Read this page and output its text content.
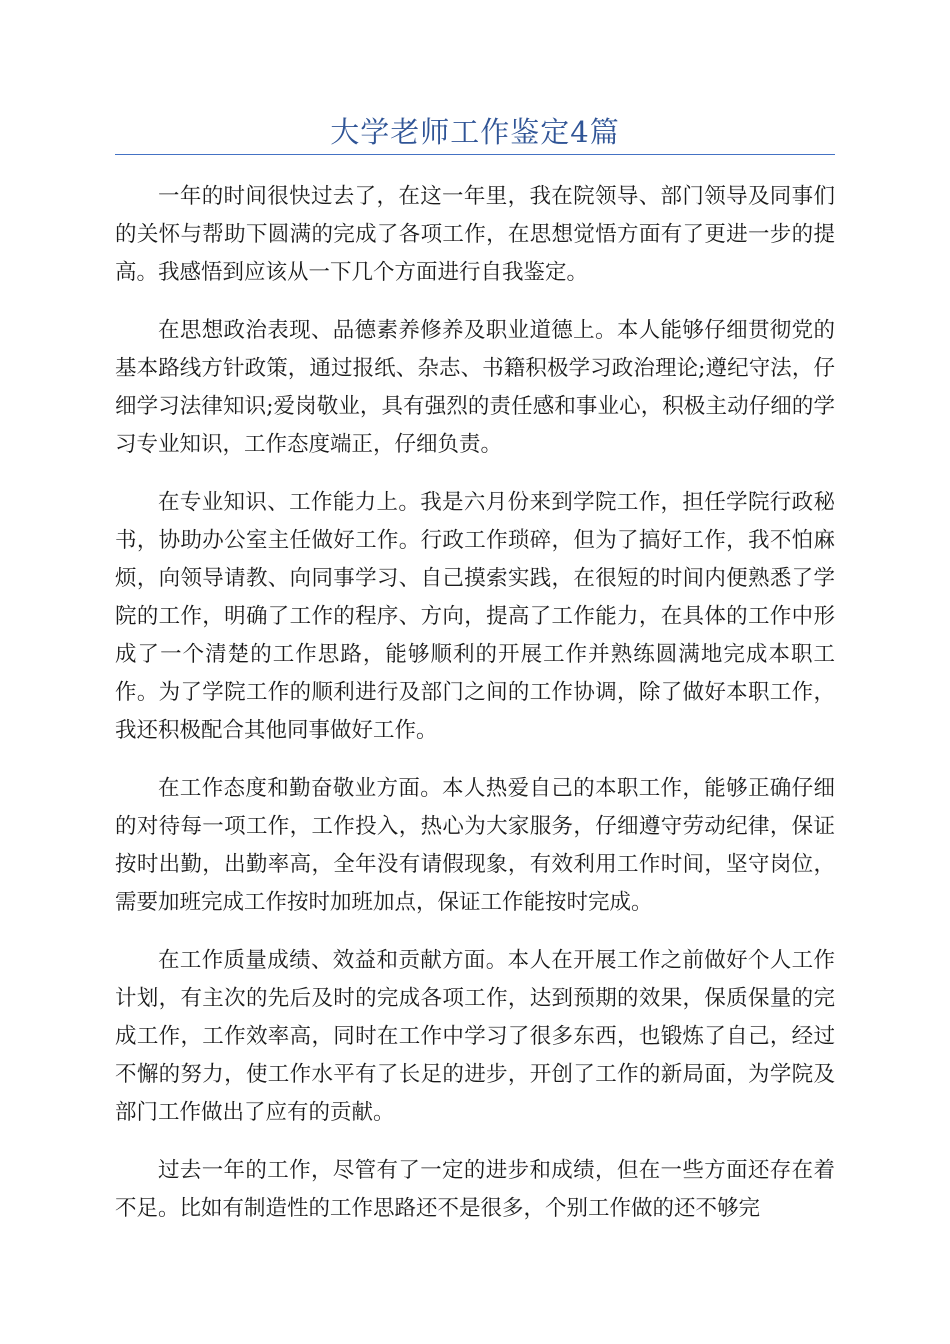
大学老师工作鉴定4篇

一年的时间很快过去了，在这一年里，我在院领导、部门领导及同事们的关怀与帮助下圆满的完成了各项工作，在思想觉悟方面有了更进一步的提高。我感悟到应该从一下几个方面进行自我鉴定。

在思想政治表现、品德素养修养及职业道德上。本人能够仔细贯彻党的基本路线方针政策，通过报纸、杂志、书籍积极学习政治理论;遵纪守法，仔细学习法律知识;爱岗敬业，具有强烈的责任感和事业心，积极主动仔细的学习专业知识，工作态度端正，仔细负责。

在专业知识、工作能力上。我是六月份来到学院工作，担任学院行政秘书，协助办公室主任做好工作。行政工作琐碎，但为了搞好工作，我不怕麻烦，向领导请教、向同事学习、自己摸索实践，在很短的时间内便熟悉了学院的工作，明确了工作的程序、方向，提高了工作能力，在具体的工作中形成了一个清楚的工作思路，能够顺利的开展工作并熟练圆满地完成本职工作。为了学院工作的顺利进行及部门之间的工作协调，除了做好本职工作，我还积极配合其他同事做好工作。

在工作态度和勤奋敬业方面。本人热爱自己的本职工作，能够正确仔细的对待每一项工作，工作投入，热心为大家服务，仔细遵守劳动纪律，保证按时出勤，出勤率高，全年没有请假现象，有效利用工作时间，坚守岗位，需要加班完成工作按时加班加点，保证工作能按时完成。

在工作质量成绩、效益和贡献方面。本人在开展工作之前做好个人工作计划，有主次的先后及时的完成各项工作，达到预期的效果，保质保量的完成工作，工作效率高，同时在工作中学习了很多东西，也锻炼了自己，经过不懈的努力，使工作水平有了长足的进步，开创了工作的新局面，为学院及部门工作做出了应有的贡献。

过去一年的工作，尽管有了一定的进步和成绩，但在一些方面还存在着不足。比如有制造性的工作思路还不是很多，个别工作做的还不够完
